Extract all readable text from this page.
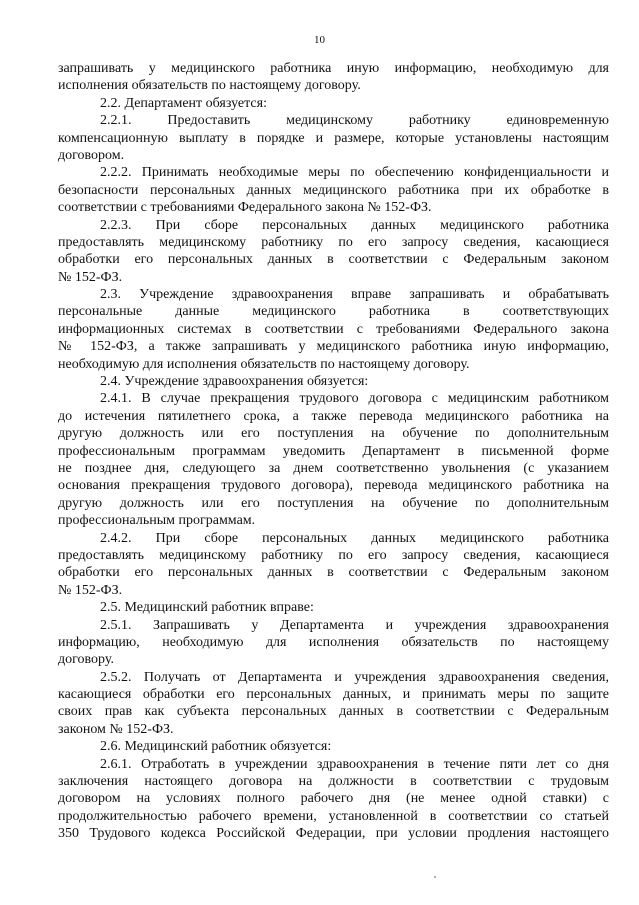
10
запрашивать у медицинского работника иную информацию, необходимую для
исполнения обязательств по настоящему договору.
2.2. Департамент обязуется:
2.2.1. Предоставить медицинскому работнику единовременную
компенсационную выплату в порядке и размере, которые установлены настоящим
договором.
2.2.2. Принимать необходимые меры по обеспечению конфиденциальности и
безопасности персональных данных медицинского работника при их обработке в
соответствии с требованиями Федерального закона № 152-ФЗ.
2.2.3. При сборе персональных данных медицинского работника
предоставлять медицинскому работнику по его запросу сведения, касающиеся
обработки его персональных данных в соответствии с Федеральным законом
№ 152-ФЗ.
2.3. Учреждение здравоохранения вправе запрашивать и обрабатывать
персональные данные медицинского работника в соответствующих
информационных системах в соответствии с требованиями Федерального закона
№ 152-ФЗ, а также запрашивать у медицинского работника иную информацию,
необходимую для исполнения обязательств по настоящему договору.
2.4. Учреждение здравоохранения обязуется:
2.4.1. В случае прекращения трудового договора с медицинским работником
до истечения пятилетнего срока, а также перевода медицинского работника на
другую должность или его поступления на обучение по дополнительным
профессиональным программам уведомить Департамент в письменной форме
не позднее дня, следующего за днем соответственно увольнения (с указанием
основания прекращения трудового договора), перевода медицинского работника на
другую должность или его поступления на обучение по дополнительным
профессиональным программам.
2.4.2. При сборе персональных данных медицинского работника
предоставлять медицинскому работнику по его запросу сведения, касающиеся
обработки его персональных данных в соответствии с Федеральным законом
№ 152-ФЗ.
2.5. Медицинский работник вправе:
2.5.1. Запрашивать у Департамента и учреждения здравоохранения
информацию, необходимую для исполнения обязательств по настоящему
договору.
2.5.2. Получать от Департамента и учреждения здравоохранения сведения,
касающиеся обработки его персональных данных, и принимать меры по защите
своих прав как субъекта персональных данных в соответствии с Федеральным
законом № 152-ФЗ.
2.6. Медицинский работник обязуется:
2.6.1. Отработать в учреждении здравоохранения в течение пяти лет со дня
заключения настоящего договора на должности в соответствии с трудовым
договором на условиях полного рабочего дня (не менее одной ставки) с
продолжительностью рабочего времени, установленной в соответствии со статьей
350 Трудового кодекса Российской Федерации, при условии продления настоящего
